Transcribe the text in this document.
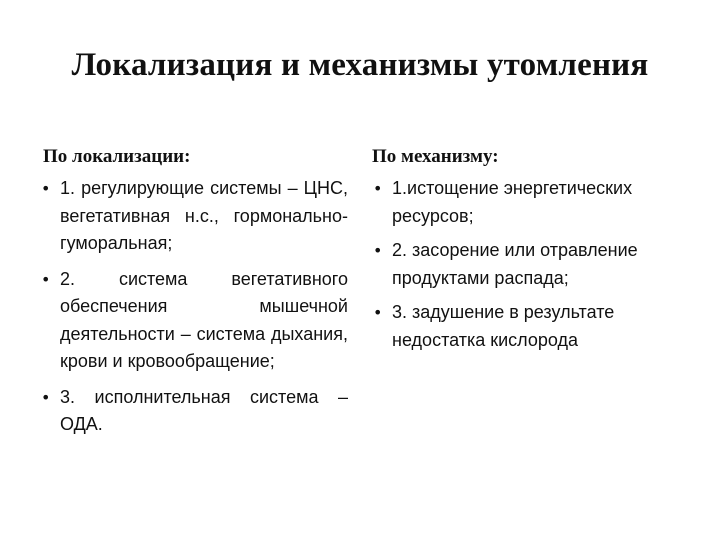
Локализация и механизмы утомления

По локализации:

• 1. регулирующие системы – ЦНС, вегетативная н.с., гормонально-гуморальная;
• 2. система вегетативного обеспечения мышечной деятельности – система дыхания, крови и кровообращение;
• 3. исполнительная система – ОДА.

По механизму:

• 1.истощение энергетических ресурсов;
• 2. засорение или отравление продуктами распада;
• 3. задушение в результате недостатка кислорода
